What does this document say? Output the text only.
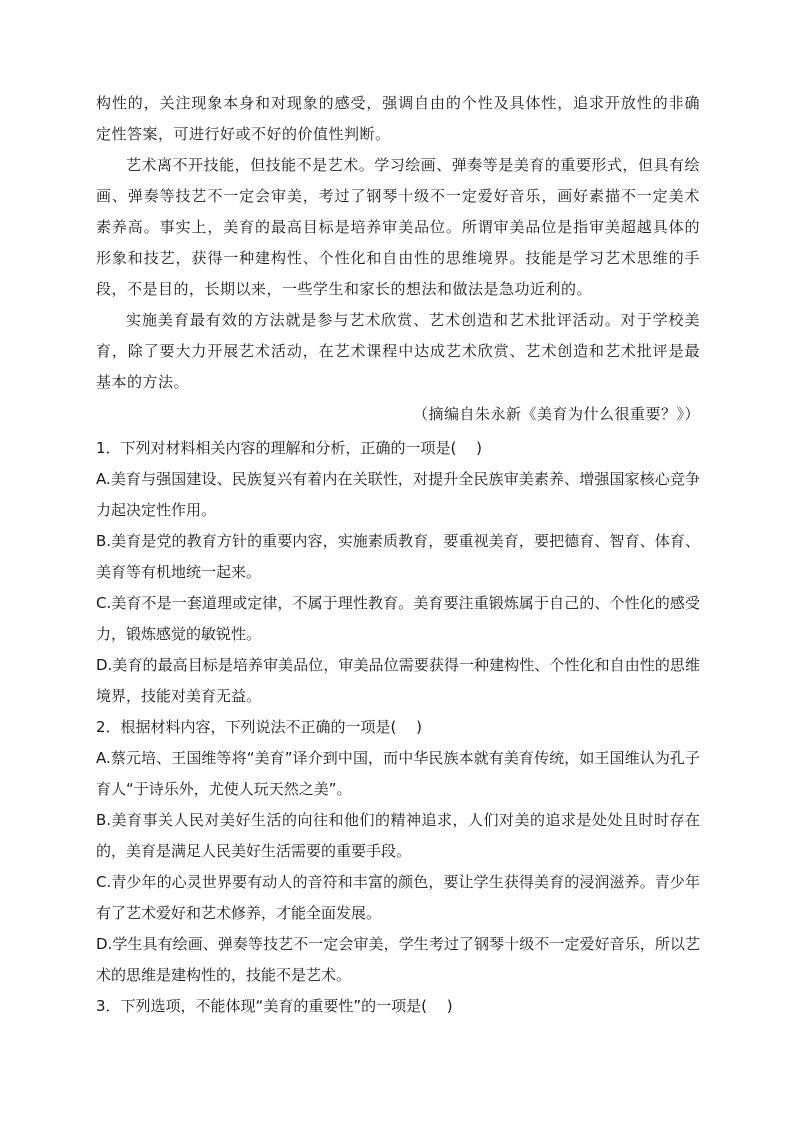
构性的，关注现象本身和对现象的感受，强调自由的个性及具体性，追求开放性的非确定性答案，可进行好或不好的价值性判断。

艺术离不开技能，但技能不是艺术。学习绘画、弹奏等是美育的重要形式，但具有绘画、弹奏等技艺不一定会审美，考过了钢琴十级不一定爱好音乐，画好素描不一定美术素养高。事实上，美育的最高目标是培养审美品位。所谓审美品位是指审美超越具体的形象和技艺，获得一种建构性、个性化和自由性的思维境界。技能是学习艺术思维的手段，不是目的，长期以来，一些学生和家长的想法和做法是急功近利的。

实施美育最有效的方法就是参与艺术欣赏、艺术创造和艺术批评活动。对于学校美育，除了要大力开展艺术活动，在艺术课程中达成艺术欣赏、艺术创造和艺术批评是最基本的方法。

（摘编自朱永新《美育为什么很重要？》）

1．下列对材料相关内容的理解和分析，正确的一项是(　 )

A.美育与强国建设、民族复兴有着内在关联性，对提升全民族审美素养、增强国家核心竞争力起决定性作用。

B.美育是党的教育方针的重要内容，实施素质教育，要重视美育，要把德育、智育、体育、美育等有机地统一起来。

C.美育不是一套道理或定律，不属于理性教育。美育要注重锻炼属于自己的、个性化的感受力，锻炼感觉的敏锐性。

D.美育的最高目标是培养审美品位，审美品位需要获得一种建构性、个性化和自由性的思维境界，技能对美育无益。

2．根据材料内容，下列说法不正确的一项是(　 )

A.蔡元培、王国维等将“美育”译介到中国，而中华民族本就有美育传统，如王国维认为孔子育人“于诗乐外，尤使人玩天然之美”。

B.美育事关人民对美好生活的向往和他们的精神追求，人们对美的追求是处处且时时存在的，美育是满足人民美好生活需要的重要手段。

C.青少年的心灵世界要有动人的音符和丰富的颜色，要让学生获得美育的浸润滋养。青少年有了艺术爱好和艺术修养，才能全面发展。

D.学生具有绘画、弹奏等技艺不一定会审美，学生考过了钢琴十级不一定爱好音乐，所以艺术的思维是建构性的，技能不是艺术。

3．下列选项，不能体现“美育的重要性”的一项是(　 )
